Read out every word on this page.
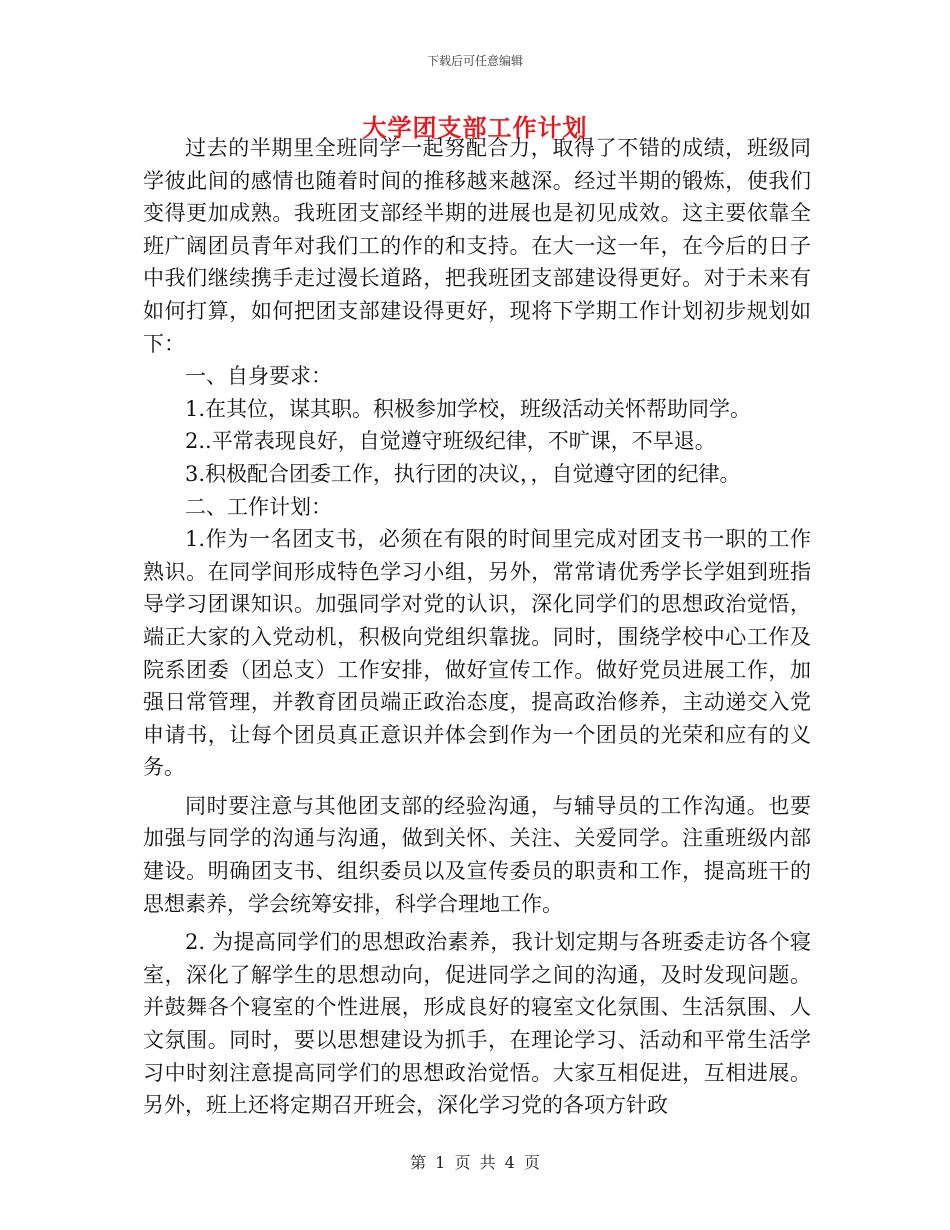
下载后可任意编辑
大学团支部工作计划

过去的半期里全班同学一起努配合力，取得了不错的成绩，班级同学彼此间的感情也随着时间的推移越来越深。经过半期的锻炼，使我们变得更加成熟。我班团支部经半期的进展也是初见成效。这主要依靠全班广阔团员青年对我们工的作的和支持。在大一这一年，在今后的日子中我们继续携手走过漫长道路，把我班团支部建设得更好。对于未来有如何打算，如何把团支部建设得更好，现将下学期工作计划初步规划如下：

一、自身要求：

1.在其位，谋其职。积极参加学校，班级活动关怀帮助同学。

2..平常表现良好，自觉遵守班级纪律，不旷课，不早退。

3.积极配合团委工作，执行团的决议，，自觉遵守团的纪律。

二、工作计划：

1.作为一名团支书，必须在有限的时间里完成对团支书一职的工作熟识。在同学间形成特色学习小组，另外，常常请优秀学长学姐到班指导学习团课知识。加强同学对党的认识，深化同学们的思想政治觉悟，端正大家的入党动机，积极向党组织靠拢。同时，围绕学校中心工作及院系团委（团总支）工作安排，做好宣传工作。做好党员进展工作，加强日常管理，并教育团员端正政治态度，提高政治修养，主动递交入党申请书，让每个团员真正意识并体会到作为一个团员的光荣和应有的义务。

同时要注意与其他团支部的经验沟通，与辅导员的工作沟通。也要加强与同学的沟通与沟通，做到关怀、关注、关爱同学。注重班级内部建设。明确团支书、组织委员以及宣传委员的职责和工作，提高班干的思想素养，学会统筹安排，科学合理地工作。

2. 为提高同学们的思想政治素养，我计划定期与各班委走访各个寝室，深化了解学生的思想动向，促进同学之间的沟通，及时发现问题。并鼓舞各个寝室的个性进展，形成良好的寝室文化氛围、生活氛围、人文氛围。同时，要以思想建设为抓手，在理论学习、活动和平常生活学习中时刻注意提高同学们的思想政治觉悟。大家互相促进，互相进展。 另外，班上还将定期召开班会，深化学习党的各项方针政

第 1 页 共 4 页
